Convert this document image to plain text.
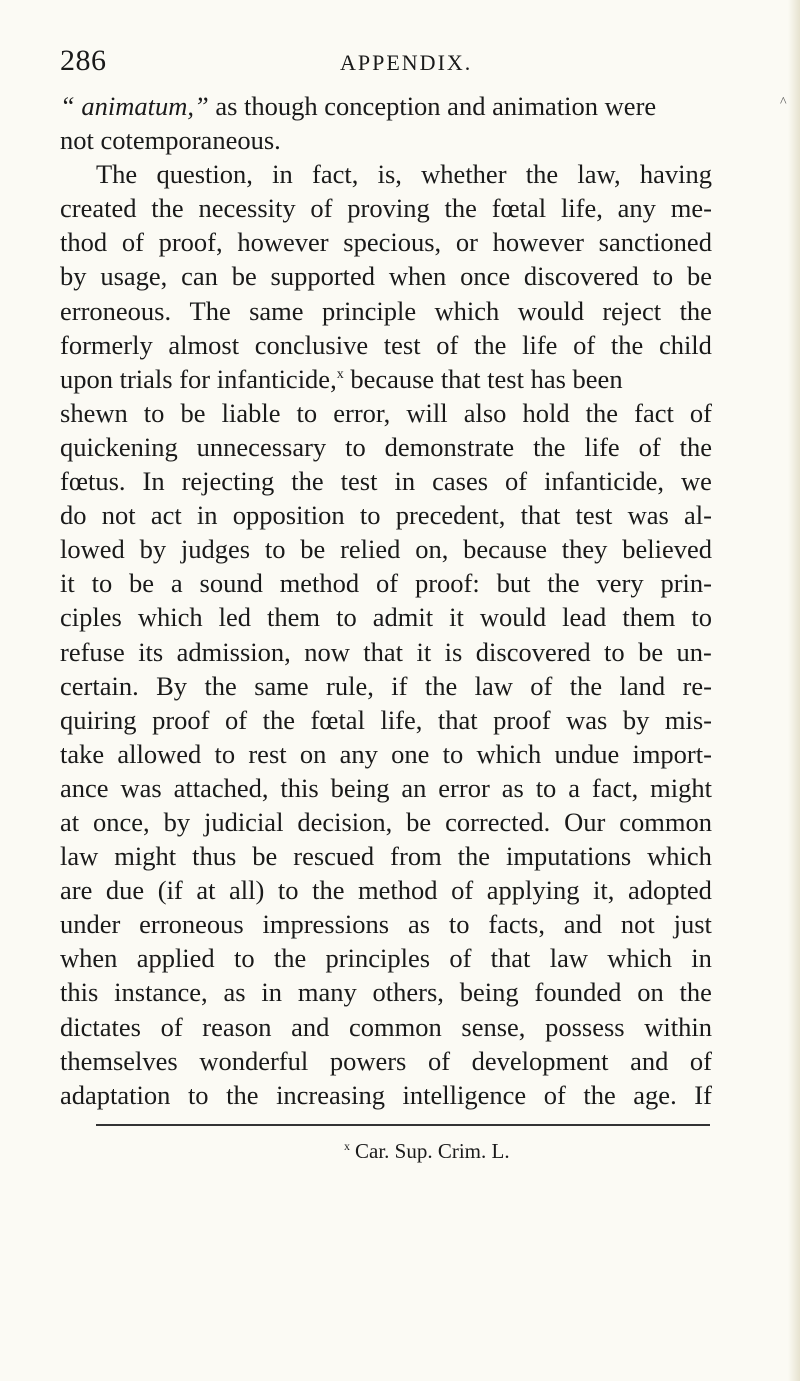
286	APPENDIX.
^
“ animatum,”
as though conception and animation were
not cotemporaneous.
The question, in fact, is, whether the law, having
created the necessity of proving the fœtal life, any me-
thod of proof, however specious, or however sanctioned
by usage, can be supported when once discovered to be
erroneous. The same principle which would reject the
formerly almost conclusive test of the life of the child
upon trials for infanticide,$^x$ because that test has been
shewn to be liable to error, will also hold the fact of
quickening unnecessary to demonstrate the life of the
fœtus. In rejecting the test in cases of infanticide, we
do not act in opposition to precedent, that test was al-
lowed by judges to be relied on, because they believed
it to be a sound method of proof: but the very prin-
ciples which led them to admit it would lead them to
refuse its admission, now that it is discovered to be un-
certain. By the same rule, if the law of the land re-
quiring proof of the fœtal life, that proof was by mis-
take allowed to rest on any one to which undue import-
ance was attached, this being an error as to a fact, might
at once, by judicial decision, be corrected. Our common
law might thus be rescued from the imputations which
are due (if at all) to the method of applying it, adopted
under erroneous impressions as to facts, and not just
when applied to the principles of that law which in
this instance, as in many others, being founded on the
dictates of reason and common sense, possess within
themselves wonderful powers of development and of
adaptation to the increasing intelligence of the age. If
$^x$ Car. Sup. Crim. L.
